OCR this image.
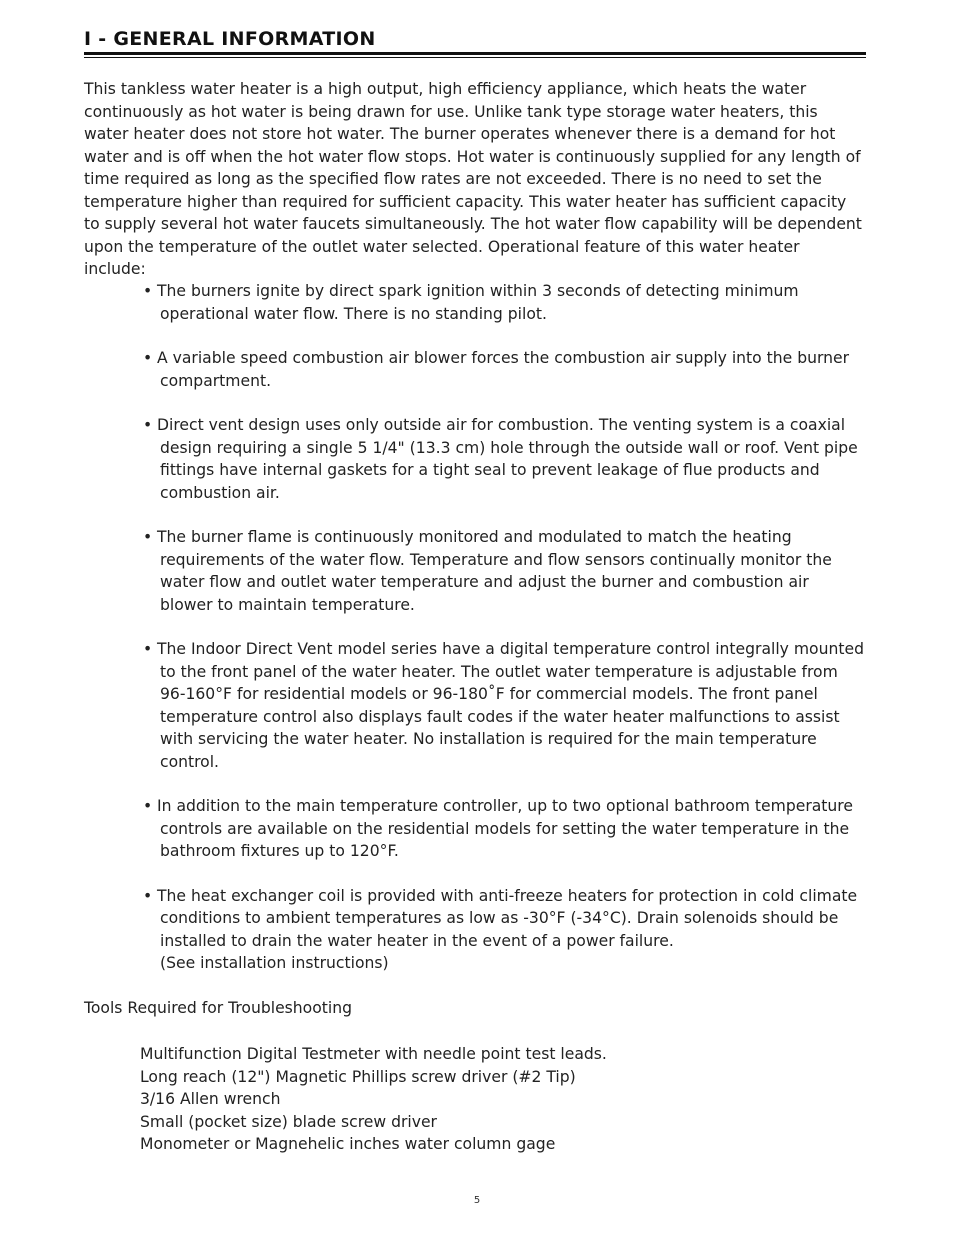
I - GENERAL INFORMATION

This tankless water heater is a high output, high efficiency appliance, which heats the water continuously as hot water is being drawn for use. Unlike tank type storage water heaters, this water heater does not store hot water. The burner operates whenever there is a demand for hot water and is off when the hot water flow stops. Hot water is continuously supplied for any length of time required as long as the specified flow rates are not exceeded. There is no need to set the temperature higher than required for sufficient capacity. This water heater has sufficient capacity to supply several hot water faucets simultaneously. The hot water flow capability will be dependent upon the temperature of the outlet water selected. Operational feature of this water heater include:

• The burners ignite by direct spark ignition within 3 seconds of detecting minimum operational water flow. There is no standing pilot.
• A variable speed combustion air blower forces the combustion air supply into the burner compartment.
• Direct vent design uses only outside air for combustion. The venting system is a coaxial design requiring a single 5 1/4" (13.3 cm) hole through the outside wall or roof. Vent pipe fittings have internal gaskets for a tight seal to prevent leakage of flue products and combustion air.
• The burner flame is continuously monitored and modulated to match the heating requirements of the water flow. Temperature and flow sensors continually monitor the water flow and outlet water temperature and adjust the burner and combustion air blower to maintain temperature.
• The Indoor Direct Vent model series have a digital temperature control integrally mounted to the front panel of the water heater. The outlet water temperature is adjustable from 96-160°F for residential models or 96-180˚F for commercial models. The front panel temperature control also displays fault codes if the water heater malfunctions to assist with servicing the water heater. No installation is required for the main temperature control.
• In addition to the main temperature controller, up to two optional bathroom temperature controls are available on the residential models for setting the water temperature in the bathroom fixtures up to 120°F.
• The heat exchanger coil is provided with anti-freeze heaters for protection in cold climate conditions to ambient temperatures as low as -30°F (-34°C). Drain solenoids should be installed to drain the water heater in the event of a power failure.
(See installation instructions)

Tools Required for Troubleshooting

Multifunction Digital Testmeter with needle point test leads.
Long reach (12") Magnetic Phillips screw driver (#2 Tip)
3/16 Allen wrench
Small (pocket size) blade screw driver
Monometer or Magnehelic inches water column gage
5
